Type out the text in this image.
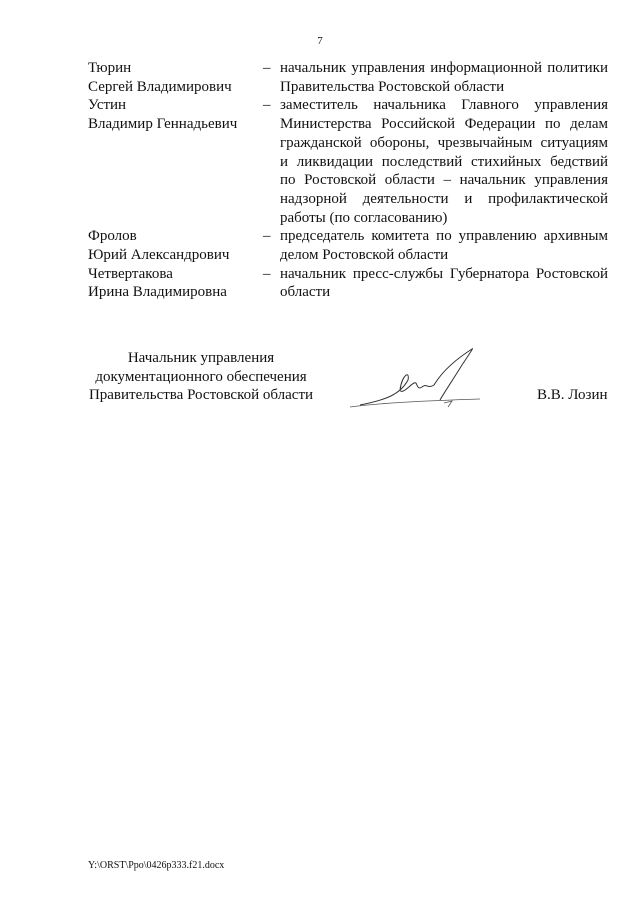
7
Тюрин
Сергей Владимирович
– начальник управления информационной политики
Правительства Ростовской области
Устин
Владимир Геннадьевич
– заместитель начальника Главного управления
Министерства Российской Федерации по делам
гражданской обороны, чрезвычайным ситуациям
и ликвидации последствий стихийных бедствий
по Ростовской области – начальник управления
надзорной деятельности и профилактической
работы (по согласованию)
Фролов
Юрий Александрович
– председатель комитета по управлению архивным
делом Ростовской области
Четвертакова
Ирина Владимировна
– начальник пресс-службы Губернатора Ростовской
области
Начальник управления
документационного обеспечения
Правительства Ростовской области	В.В. Лозин
Y:\ORST\Ppo\0426p333.f21.docx
